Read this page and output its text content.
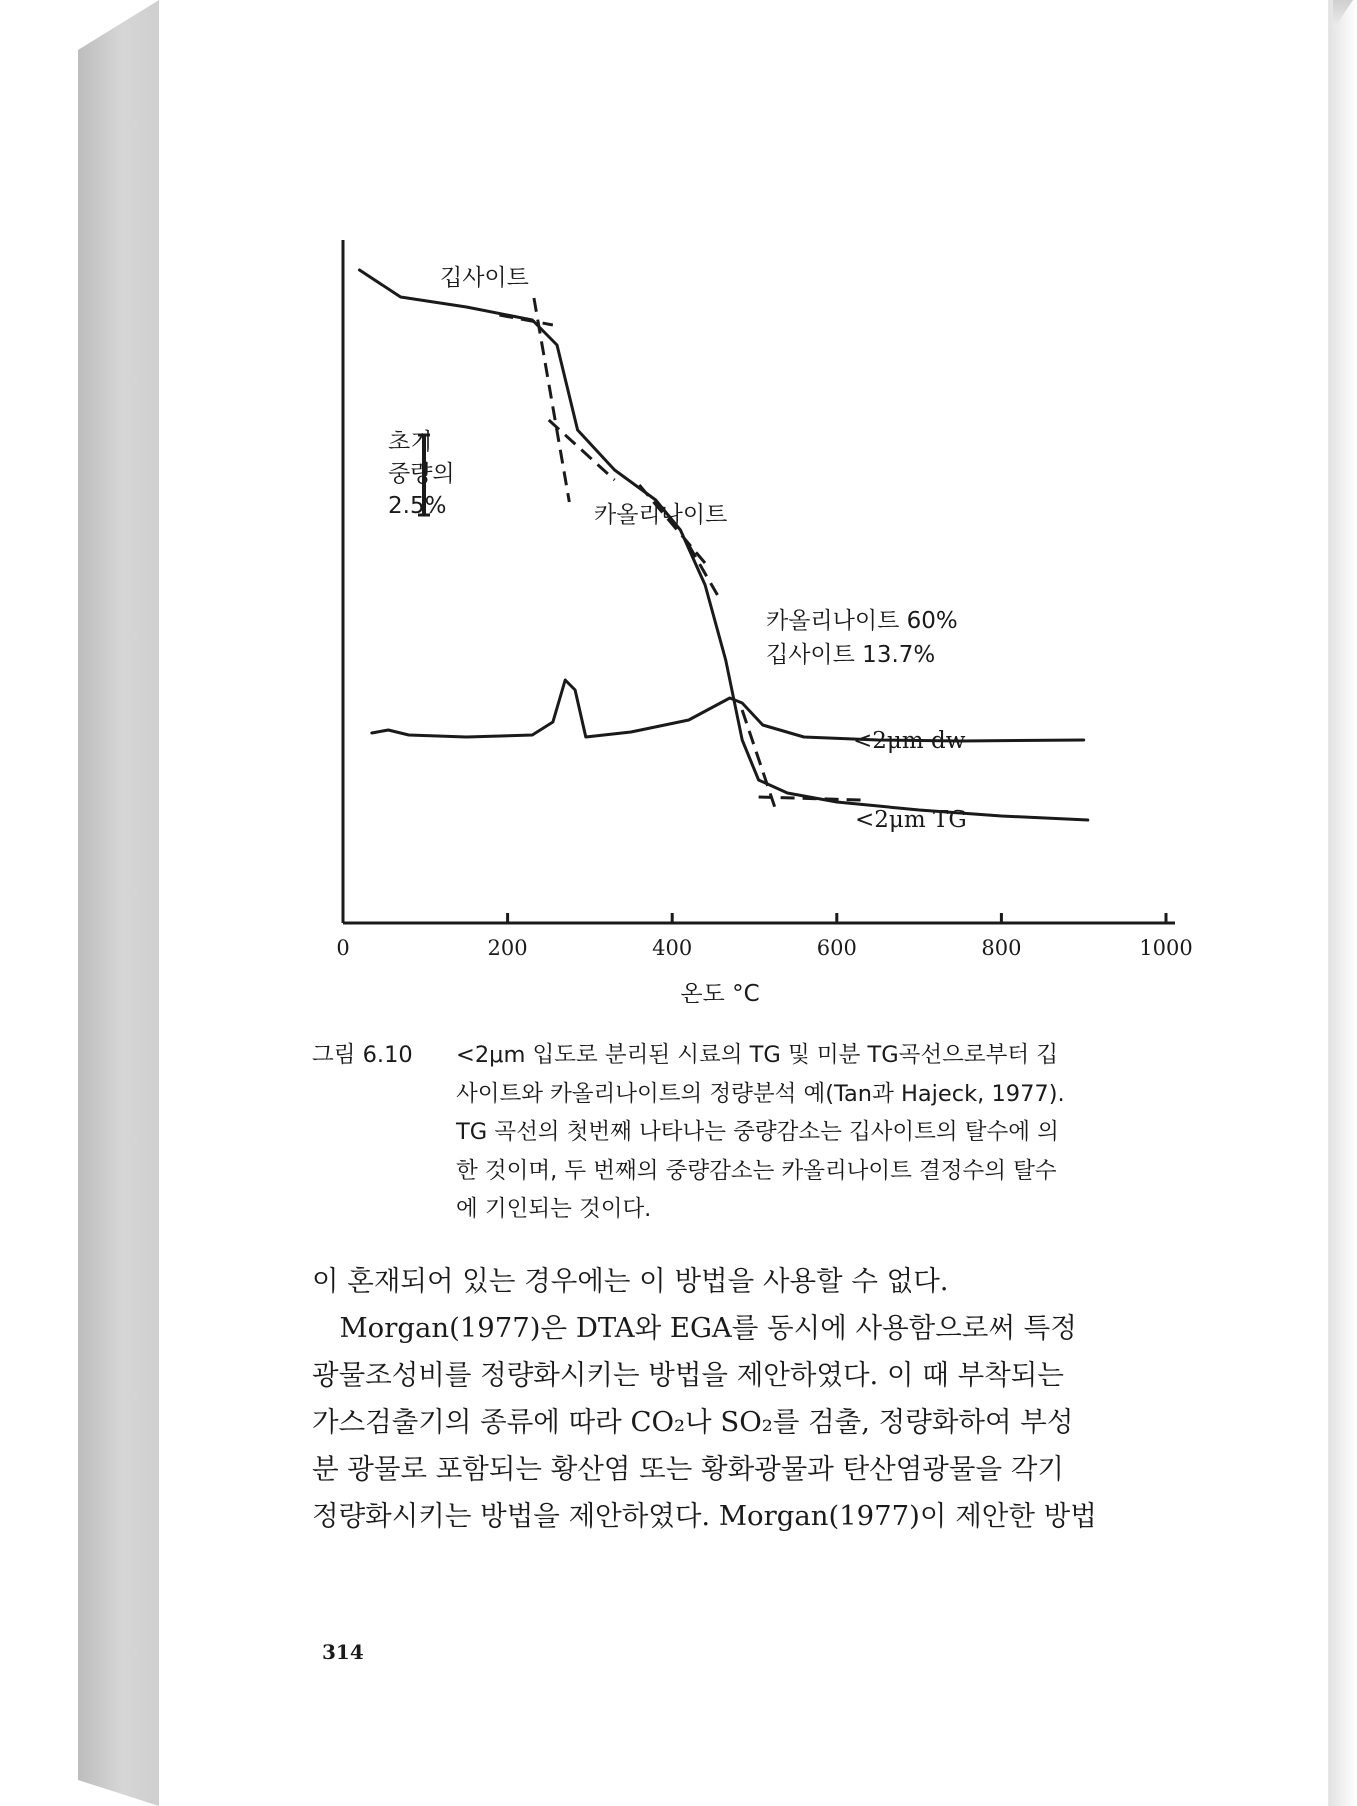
0	200	400	600	800	1000
깁사이트
초기
중량의
2.5%	카올리나이트
카올리나이트 60%
깁사이트 13.7%
<2μm dw
<2μm TG
온도 °C
그림 6.10 <2μm 입도로 분리된 시료의 TG 및 미분 TG곡선으로부터 깁
사이트와 카올리나이트의 정량분석 예(Tan과 Hajeck, 1977).
TG 곡선의 첫번째 나타나는 중량감소는 깁사이트의 탈수에 의
한 것이며, 두 번째의 중량감소는 카올리나이트 결정수의 탈수
에 기인되는 것이다.
이 혼재되어 있는 경우에는 이 방법을 사용할 수 없다.
　Morgan(1977)은 DTA와 EGA를 동시에 사용함으로써 특정
광물조성비를 정량화시키는 방법을 제안하였다. 이 때 부착되는
가스검출기의 종류에 따라 CO₂나 SO₂를 검출, 정량화하여 부성
분 광물로 포함되는 황산염 또는 황화광물과 탄산염광물을 각기
정량화시키는 방법을 제안하였다. Morgan(1977)이 제안한 방법
314
